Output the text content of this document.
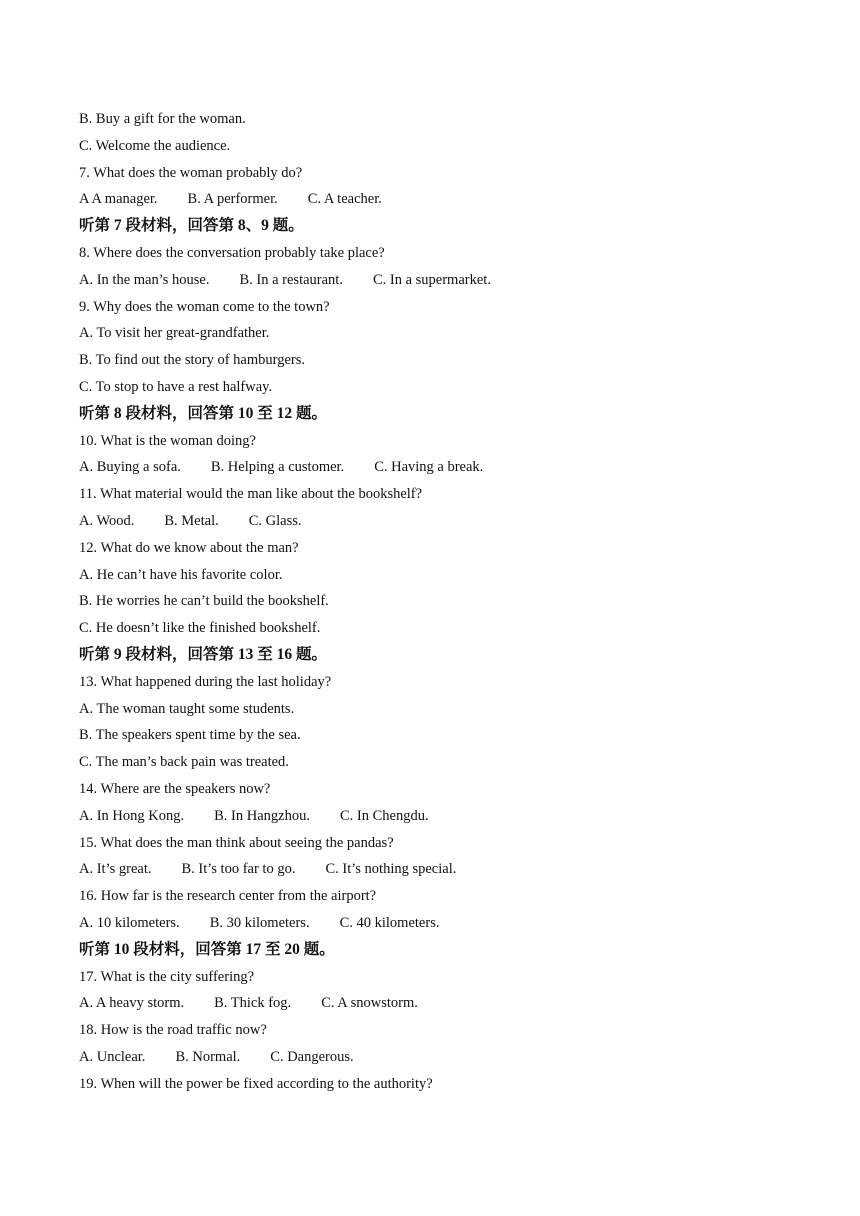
B. Buy a gift for the woman.
C. Welcome the audience.
7. What does the woman probably do?
A A manager. B. A performer. C. A teacher.
听第 7 段材料，回答第 8、9 题。
8. Where does the conversation probably take place?
A. In the man’s house. B. In a restaurant. C. In a supermarket.
9. Why does the woman come to the town?
A. To visit her great-grandfather.
B. To find out the story of hamburgers.
C. To stop to have a rest halfway.
听第 8 段材料，回答第 10 至 12 题。
10. What is the woman doing?
A. Buying a sofa. B. Helping a customer. C. Having a break.
11. What material would the man like about the bookshelf?
A. Wood. B. Metal. C. Glass.
12. What do we know about the man?
A. He can’t have his favorite color.
B. He worries he can’t build the bookshelf.
C. He doesn’t like the finished bookshelf.
听第 9 段材料，回答第 13 至 16 题。
13. What happened during the last holiday?
A. The woman taught some students.
B. The speakers spent time by the sea.
C. The man’s back pain was treated.
14. Where are the speakers now?
A. In Hong Kong. B. In Hangzhou. C. In Chengdu.
15. What does the man think about seeing the pandas?
A. It’s great. B. It’s too far to go. C. It’s nothing special.
16. How far is the research center from the airport?
A. 10 kilometers. B. 30 kilometers. C. 40 kilometers.
听第 10 段材料，回答第 17 至 20 题。
17. What is the city suffering?
A. A heavy storm. B. Thick fog. C. A snowstorm.
18. How is the road traffic now?
A. Unclear. B. Normal. C. Dangerous.
19. When will the power be fixed according to the authority?
